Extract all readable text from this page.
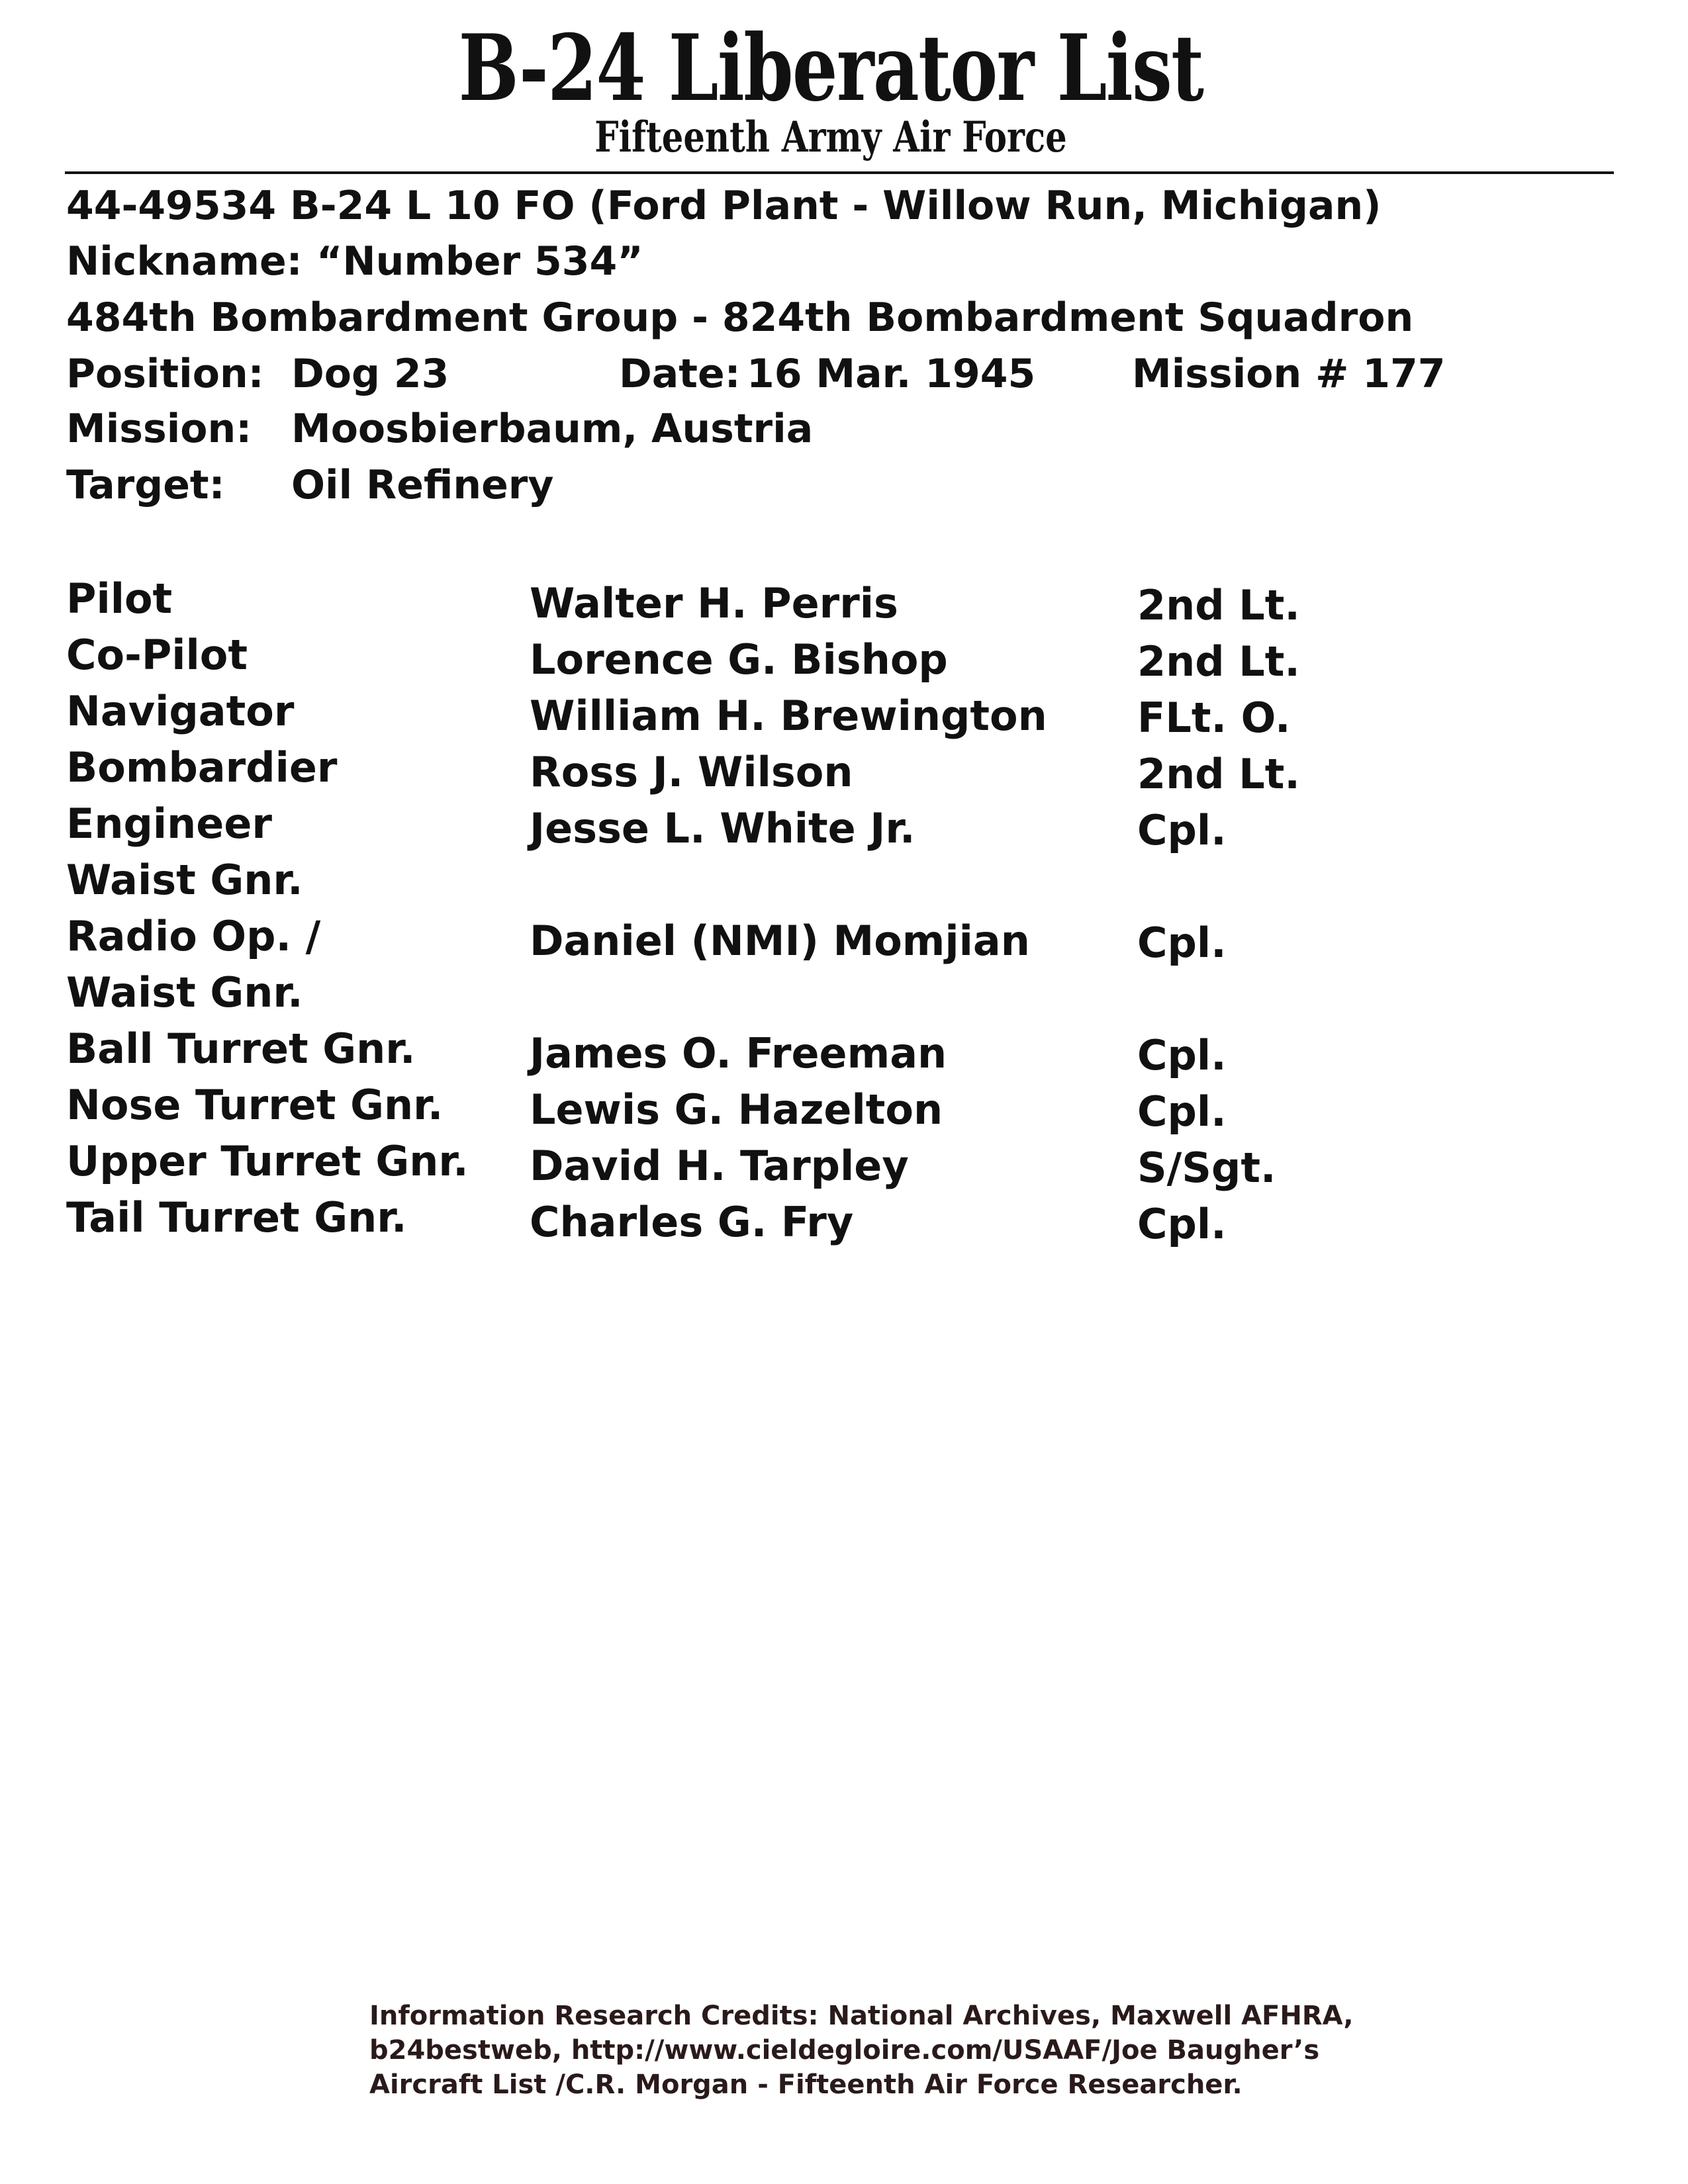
B-24 Liberator List
Fifteenth Army Air Force
44-49534 B-24 L 10 FO (Ford Plant - Willow Run, Michigan)
Nickname: “Number 534”
484th Bombardment Group - 824th Bombardment Squadron
Position: Dog 23	Date: 16 Mar. 1945 Mission # 177
Mission: Moosbierbaum, Austria
Target: Oil Refinery
Pilot	Walter H. Perris	2nd Lt.
Co-Pilot	Lorence G. Bishop	2nd Lt.
Navigator	William H. Brewington FLt. O.
Bombardier	Ross J. Wilson	2nd Lt.
Engineer	Jesse L. White Jr.	Cpl.
Waist Gnr.
Radio Op. /	Daniel (NMI) Momjian	Cpl.
Waist Gnr.
Ball Turret Gnr.	James O. Freeman	Cpl.
Nose Turret Gnr. Lewis G. Hazelton	Cpl.
Upper Turret Gnr. David H. Tarpley	S/Sgt.
Tail Turret Gnr.	Charles G. Fry	Cpl.
Information Research Credits: National Archives, Maxwell AFHRA,
b24bestweb, http://www.cieldegloire.com/USAAF/Joe Baugher’s
Aircraft List /C.R. Morgan - Fifteenth Air Force Researcher.
